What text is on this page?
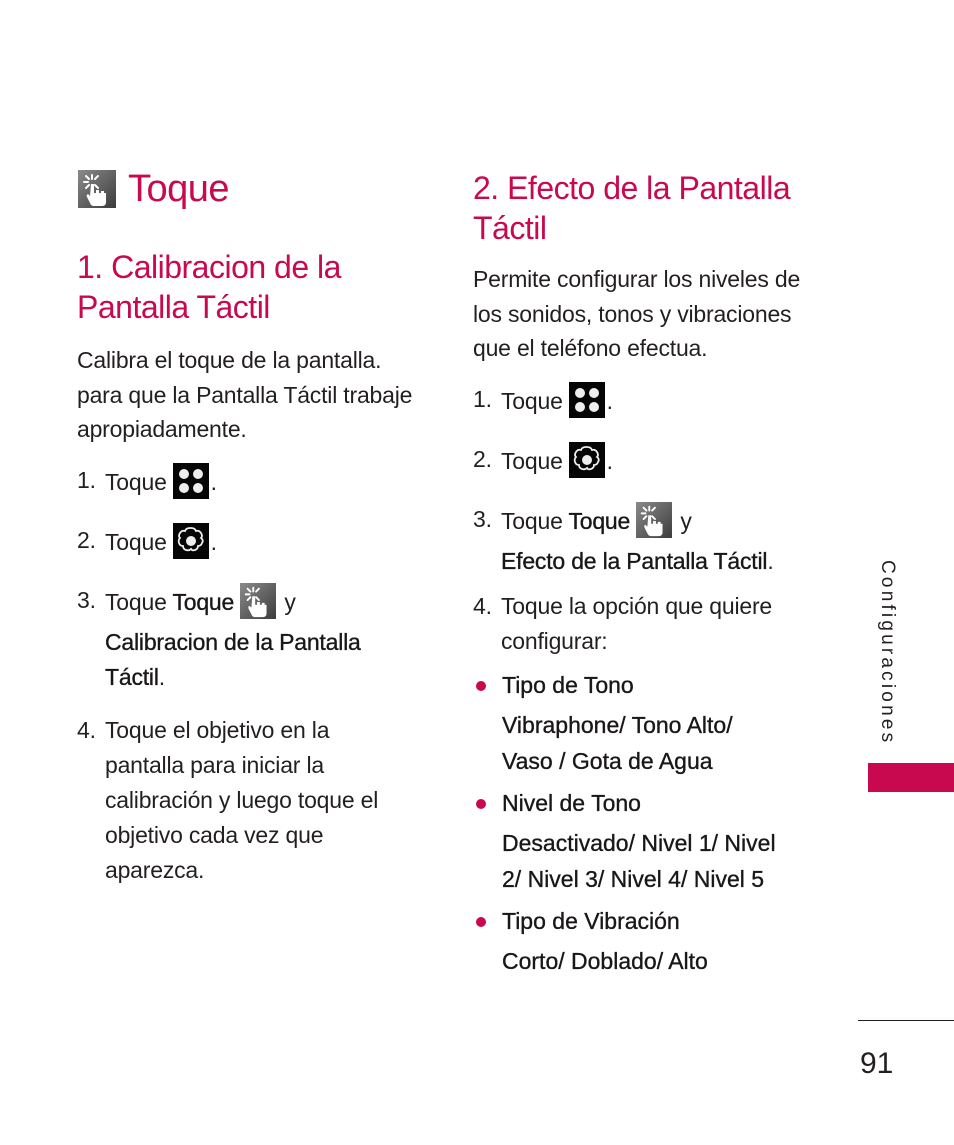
Toque
1. Calibracion de la
Pantalla Táctil

Calibra el toque de la pantalla.
para que la Pantalla Táctil trabaje
apropiadamente.

1. Toque .

2. Toque .

3. Toque Toque y
Calibracion de la Pantalla
Táctil.

4. Toque el objetivo en la
pantalla para iniciar la
calibración y luego toque el
objetivo cada vez que
aparezca.

2. Efecto de la Pantalla
Táctil

Permite configurar los niveles de
los sonidos, tonos y vibraciones
que el teléfono efectua.

1. Toque .

2. Toque .

3. Toque Toque y
Efecto de la Pantalla Táctil.

4. Toque la opción que quiere
configurar:

Tipo de Tono
Vibraphone/ Tono Alto/
Vaso / Gota de Agua
Nivel de Tono
Desactivado/ Nivel 1/ Nivel
2/ Nivel 3/ Nivel 4/ Nivel 5
Tipo de Vibración
Corto/ Doblado/ Alto
Configuraciones
91
